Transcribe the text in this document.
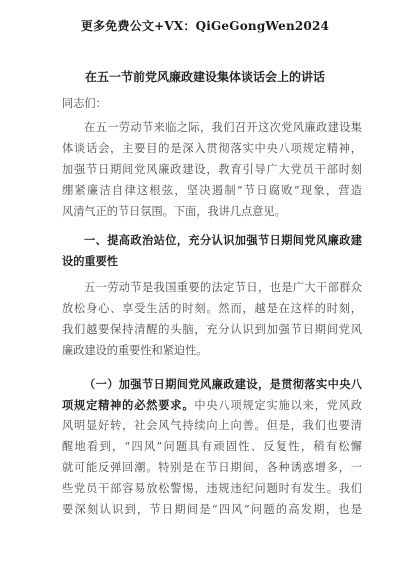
更多免费公文+VX：QiGeGongWen2024
在五一节前党风廉政建设集体谈话会上的讲话
同志们：
在五一劳动节来临之际，我们召开这次党风廉政建设集
体谈话会，主要目的是深入贯彻落实中央八项规定精神，
加强节日期间党风廉政建设，教育引导广大党员干部时刻
绷紧廉洁自律这根弦，坚决遏制“节日腐败”现象，营造
风清气正的节日氛围。下面，我讲几点意见。
一、提高政治站位，充分认识加强节日期间党风廉政建
设的重要性
五一劳动节是我国重要的法定节日，也是广大干部群众
放松身心、享受生活的时刻。然而，越是在这样的时刻，
我们越要保持清醒的头脑，充分认识到加强节日期间党风
廉政建设的重要性和紧迫性。
（一）加强节日期间党风廉政建设，是贯彻落实中央八
项规定精神的必然要求。中央八项规定实施以来，党风政
风明显好转，社会风气持续向上向善。但是，我们也要清
醒地看到，“四风”问题具有顽固性、反复性，稍有松懈
就可能反弹回潮。特别是在节日期间，各种诱惑增多，一
些党员干部容易放松警惕，违规违纪问题时有发生。我们
要深刻认识到，节日期间是“四风”问题的高发期，也是
